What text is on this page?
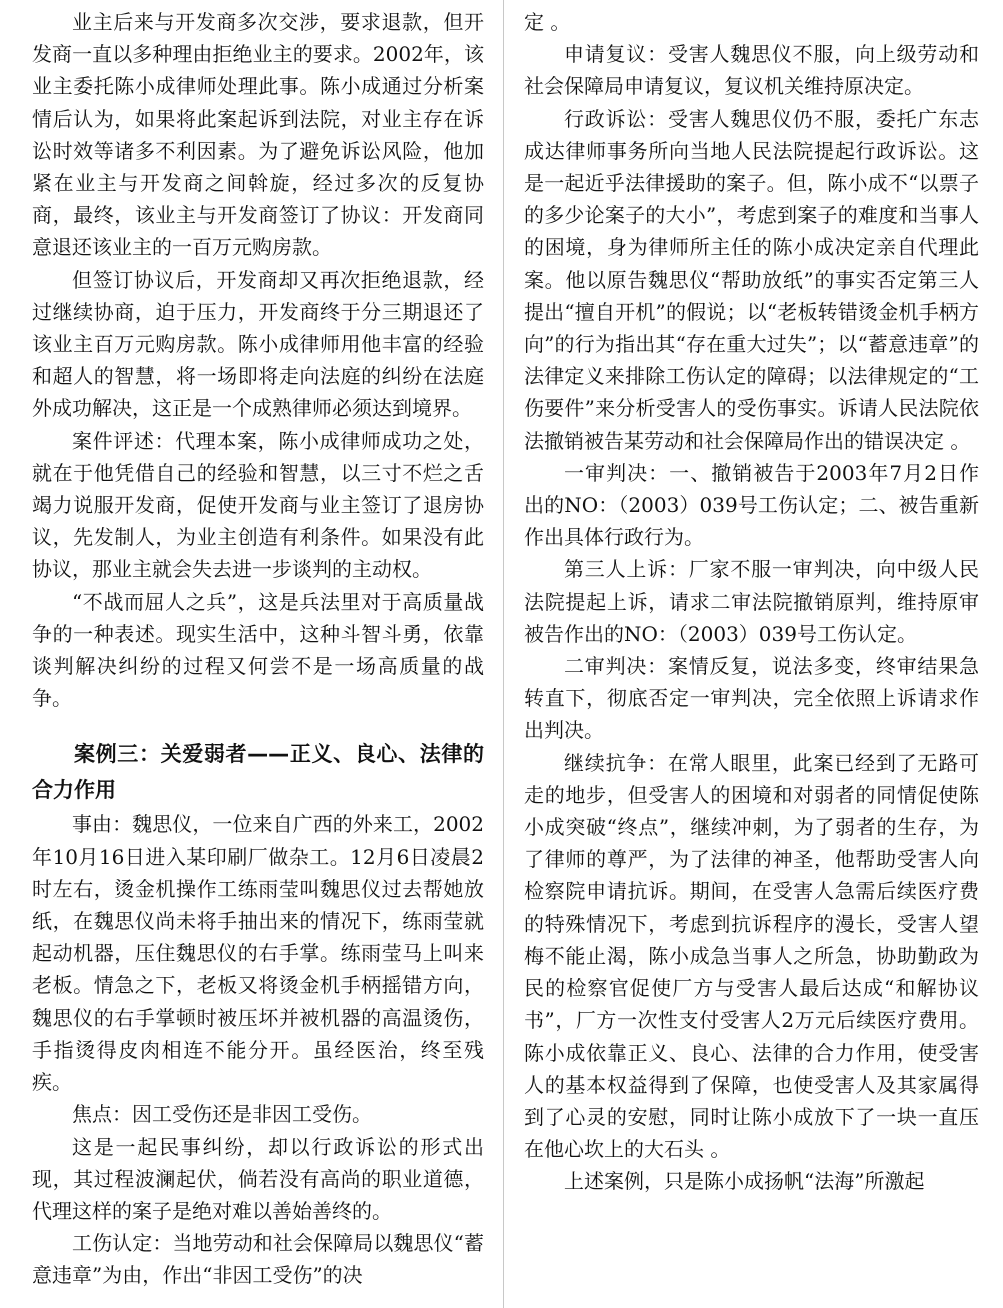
业主后来与开发商多次交涉，要求退款，但开发商一直以多种理由拒绝业主的要求。2002年，该业主委托陈小成律师处理此事。陈小成通过分析案情后认为，如果将此案起诉到法院，对业主存在诉讼时效等诸多不利因素。为了避免诉讼风险，他加紧在业主与开发商之间斡旋，经过多次的反复协商，最终，该业主与开发商签订了协议：开发商同意退还该业主的一百万元购房款。

但签订协议后，开发商却又再次拒绝退款，经过继续协商，迫于压力，开发商终于分三期退还了该业主百万元购房款。陈小成律师用他丰富的经验和超人的智慧，将一场即将走向法庭的纠纷在法庭外成功解决，这正是一个成熟律师必须达到境界。

案件评述：代理本案，陈小成律师成功之处，就在于他凭借自己的经验和智慧，以三寸不烂之舌竭力说服开发商，促使开发商与业主签订了退房协议，先发制人，为业主创造有利条件。如果没有此协议，那业主就会失去进一步谈判的主动权。

“不战而屈人之兵”，这是兵法里对于高质量战争的一种表述。现实生活中，这种斗智斗勇，依靠谈判解决纠纷的过程又何尝不是一场高质量的战争。

案例三：关爱弱者——正义、良心、法律的合力作用

事由：魏思仪，一位来自广西的外来工，2002年10月16日进入某印刷厂做杂工。12月6日凌晨2时左右，烫金机操作工练雨莹叫魏思仪过去帮她放纸，在魏思仪尚未将手抽出来的情况下，练雨莹就起动机器，压住魏思仪的右手掌。练雨莹马上叫来老板。情急之下，老板又将烫金机手柄摇错方向，魏思仪的右手掌顿时被压坏并被机器的高温烫伤，手指烫得皮肉相连不能分开。虽经医治，终至残疾。

焦点：因工受伤还是非因工受伤。

这是一起民事纠纷，却以行政诉讼的形式出现，其过程波澜起伏，倘若没有高尚的职业道德，代理这样的案子是绝对难以善始善终的。

工伤认定：当地劳动和社会保障局以魏思仪“蓄意违章”为由，作出“非因工受伤”的决

定 。

申请复议：受害人魏思仪不服，向上级劳动和社会保障局申请复议，复议机关维持原决定。

行政诉讼：受害人魏思仪仍不服，委托广东志成达律师事务所向当地人民法院提起行政诉讼。这是一起近乎法律援助的案子。但，陈小成不“以票子的多少论案子的大小”，考虑到案子的难度和当事人的困境，身为律师所主任的陈小成决定亲自代理此案。他以原告魏思仪“帮助放纸”的事实否定第三人提出“擅自开机”的假说；以“老板转错烫金机手柄方向”的行为指出其“存在重大过失”；以“蓄意违章”的法律定义来排除工伤认定的障碍；以法律规定的“工伤要件”来分析受害人的受伤事实。诉请人民法院依法撤销被告某劳动和社会保障局作出的错误决定 。

一审判决：一、撤销被告于2003年7月2日作出的NO：（2003）039号工伤认定；二、被告重新作出具体行政行为。

第三人上诉：厂家不服一审判决，向中级人民法院提起上诉，请求二审法院撤销原判，维持原审被告作出的NO：（2003）039号工伤认定。

二审判决：案情反复，说法多变，终审结果急转直下，彻底否定一审判决，完全依照上诉请求作出判决。

继续抗争：在常人眼里，此案已经到了无路可走的地步，但受害人的困境和对弱者的同情促使陈小成突破“终点”，继续冲刺，为了弱者的生存，为了律师的尊严，为了法律的神圣，他帮助受害人向检察院申请抗诉。期间，在受害人急需后续医疗费的特殊情况下，考虑到抗诉程序的漫长，受害人望梅不能止渴，陈小成急当事人之所急，协助勤政为民的检察官促使厂方与受害人最后达成“和解协议书”，厂方一次性支付受害人2万元后续医疗费用。陈小成依靠正义、良心、法律的合力作用，使受害人的基本权益得到了保障，也使受害人及其家属得到了心灵的安慰，同时让陈小成放下了一块一直压在他心坎上的大石头 。

上述案例，只是陈小成扬帆“法海”所激起
